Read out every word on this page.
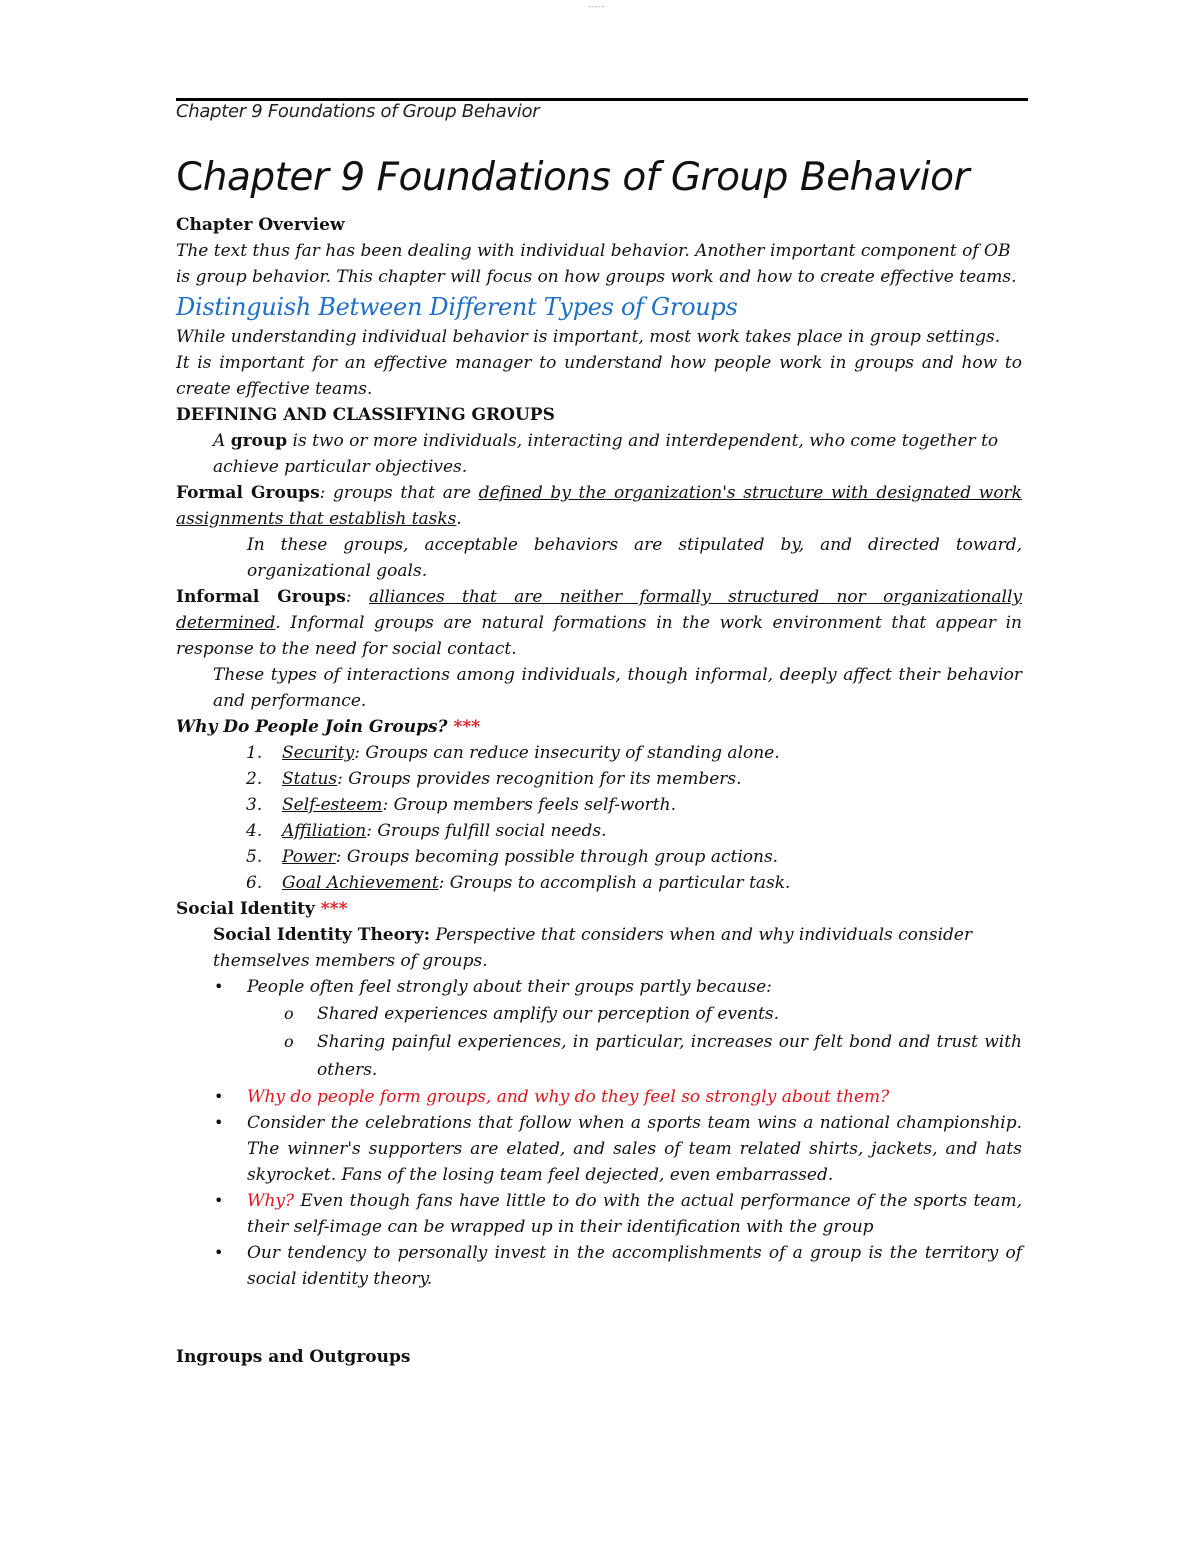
-----
Chapter 9 Foundations of Group Behavior
Chapter 9 Foundations of Group Behavior

Chapter Overview

The text thus far has been dealing with individual behavior. Another important component of OB is group behavior. This chapter will focus on how groups work and how to create effective teams.

Distinguish Between Different Types of Groups

While understanding individual behavior is important, most work takes place in group settings.

It is important for an effective manager to understand how people work in groups and how to create effective teams.

DEFINING AND CLASSIFYING GROUPS

A group is two or more individuals, interacting and interdependent, who come together to achieve particular objectives.

Formal Groups: groups that are defined by the organization's structure with designated work assignments that establish tasks.

In these groups, acceptable behaviors are stipulated by, and directed toward, organizational goals.

Informal Groups: alliances that are neither formally structured nor organizationally determined. Informal groups are natural formations in the work environment that appear in response to the need for social contact.

These types of interactions among individuals, though informal, deeply affect their behavior and performance.

Why Do People Join Groups? ***

1. Security: Groups can reduce insecurity of standing alone.
2. Status: Groups provides recognition for its members.
3. Self-esteem: Group members feels self-worth.
4. Affiliation: Groups fulfill social needs.
5. Power: Groups becoming possible through group actions.
6. Goal Achievement: Groups to accomplish a particular task.

Social Identity ***

Social Identity Theory: Perspective that considers when and why individuals consider themselves members of groups.

• People often feel strongly about their groups partly because:
o Shared experiences amplify our perception of events.
o Sharing painful experiences, in particular, increases our felt bond and trust with others.
• Why do people form groups, and why do they feel so strongly about them?
• Consider the celebrations that follow when a sports team wins a national championship. The winner's supporters are elated, and sales of team related shirts, jackets, and hats skyrocket. Fans of the losing team feel dejected, even embarrassed.
• Why? Even though fans have little to do with the actual performance of the sports team, their self-image can be wrapped up in their identification with the group
• Our tendency to personally invest in the accomplishments of a group is the territory of social identity theory.

Ingroups and Outgroups
